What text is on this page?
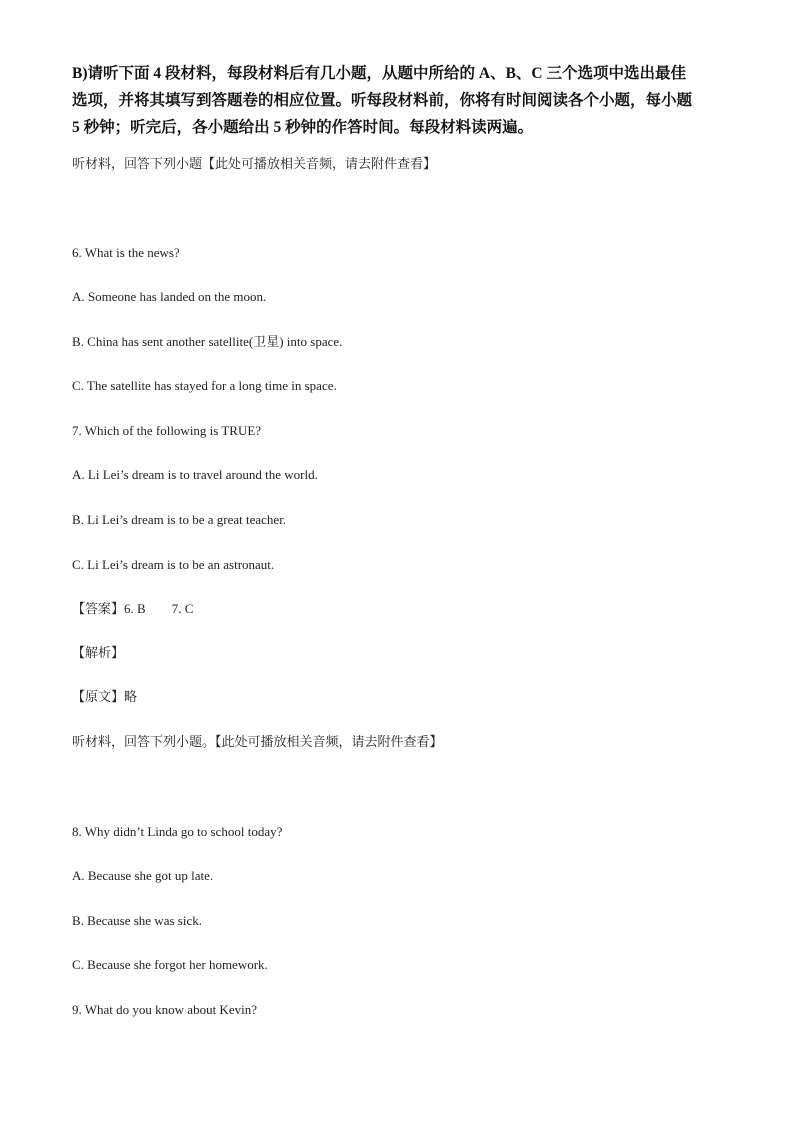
B)请听下面 4 段材料，每段材料后有几小题，从题中所给的 A、B、C 三个选项中选出最佳

选项，并将其填写到答题卷的相应位置。听每段材料前，你将有时间阅读各个小题，每小题

5 秒钟；听完后，各小题给出 5 秒钟的作答时间。每段材料读两遍。

听材料，回答下列小题【此处可播放相关音频，请去附件查看】
6. What is the news?
A. Someone has landed on the moon.
B. China has sent another satellite(卫星) into space.
C. The satellite has stayed for a long time in space.
7. Which of the following is TRUE?
A. Li Lei’s dream is to travel around the world.
B. Li Lei’s dream is to be a great teacher.
C. Li Lei’s dream is to be an astronaut.
【答案】6. B 7. C
【解析】
【原文】略
听材料，回答下列小题。【此处可播放相关音频，请去附件查看】
8. Why didn’t Linda go to school today?
A. Because she got up late.
B. Because she was sick.
C. Because she forgot her homework.
9. What do you know about Kevin?
